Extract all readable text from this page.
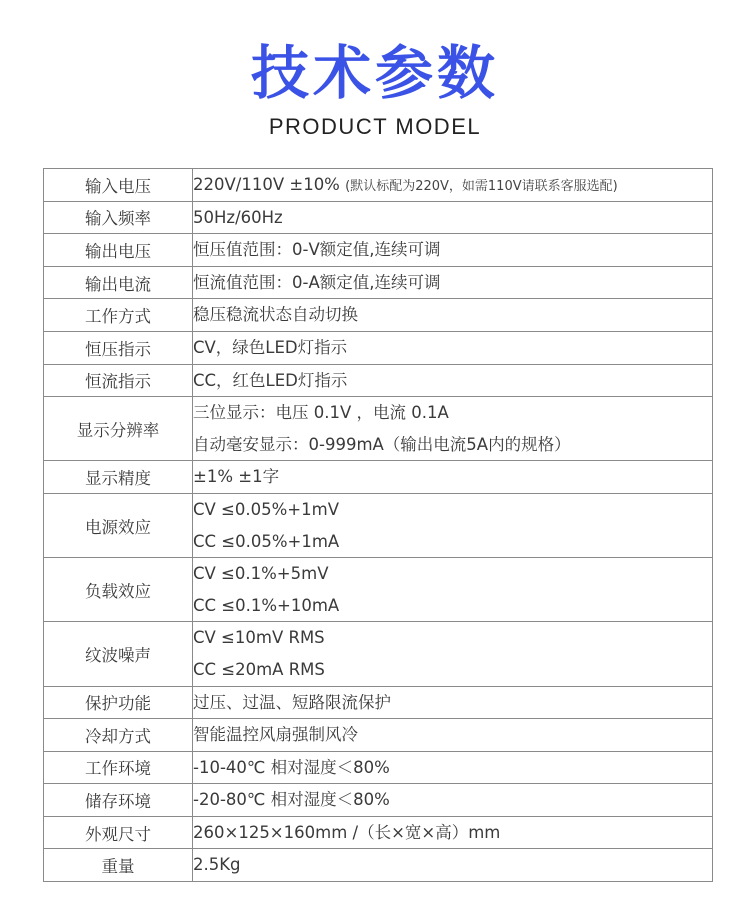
技术参数
PRODUCT MODEL
输入电压	220V/110V ±10% (默认标配为220V，如需110V请联系客服选配)

输入频率	50Hz/60Hz

输出电压	恒压值范围：0-V额定值,连续可调

输出电流	恒流值范围：0-A额定值,连续可调

工作方式	稳压稳流状态自动切换

恒压指示	CV，绿色LED灯指示

恒流指示	CC，红色LED灯指示

显示分辨率	三位显示：电压 0.1V ，电流 0.1A
自动毫安显示：0-999mA（输出电流5A内的规格）

显示精度	±1% ±1字

电源效应	CV ≤0.05%+1mV
CC ≤0.05%+1mA

负载效应	CV ≤0.1%+5mV
CC ≤0.1%+10mA

纹波噪声	CV ≤10mV RMS
CC ≤20mA RMS

保护功能	过压、过温、短路限流保护

冷却方式	智能温控风扇强制风冷

工作环境	-10-40℃ 相对湿度＜80%

储存环境	-20-80℃ 相对湿度＜80%

外观尺寸	260×125×160mm /（长×宽×高）mm

重量	2.5Kg
